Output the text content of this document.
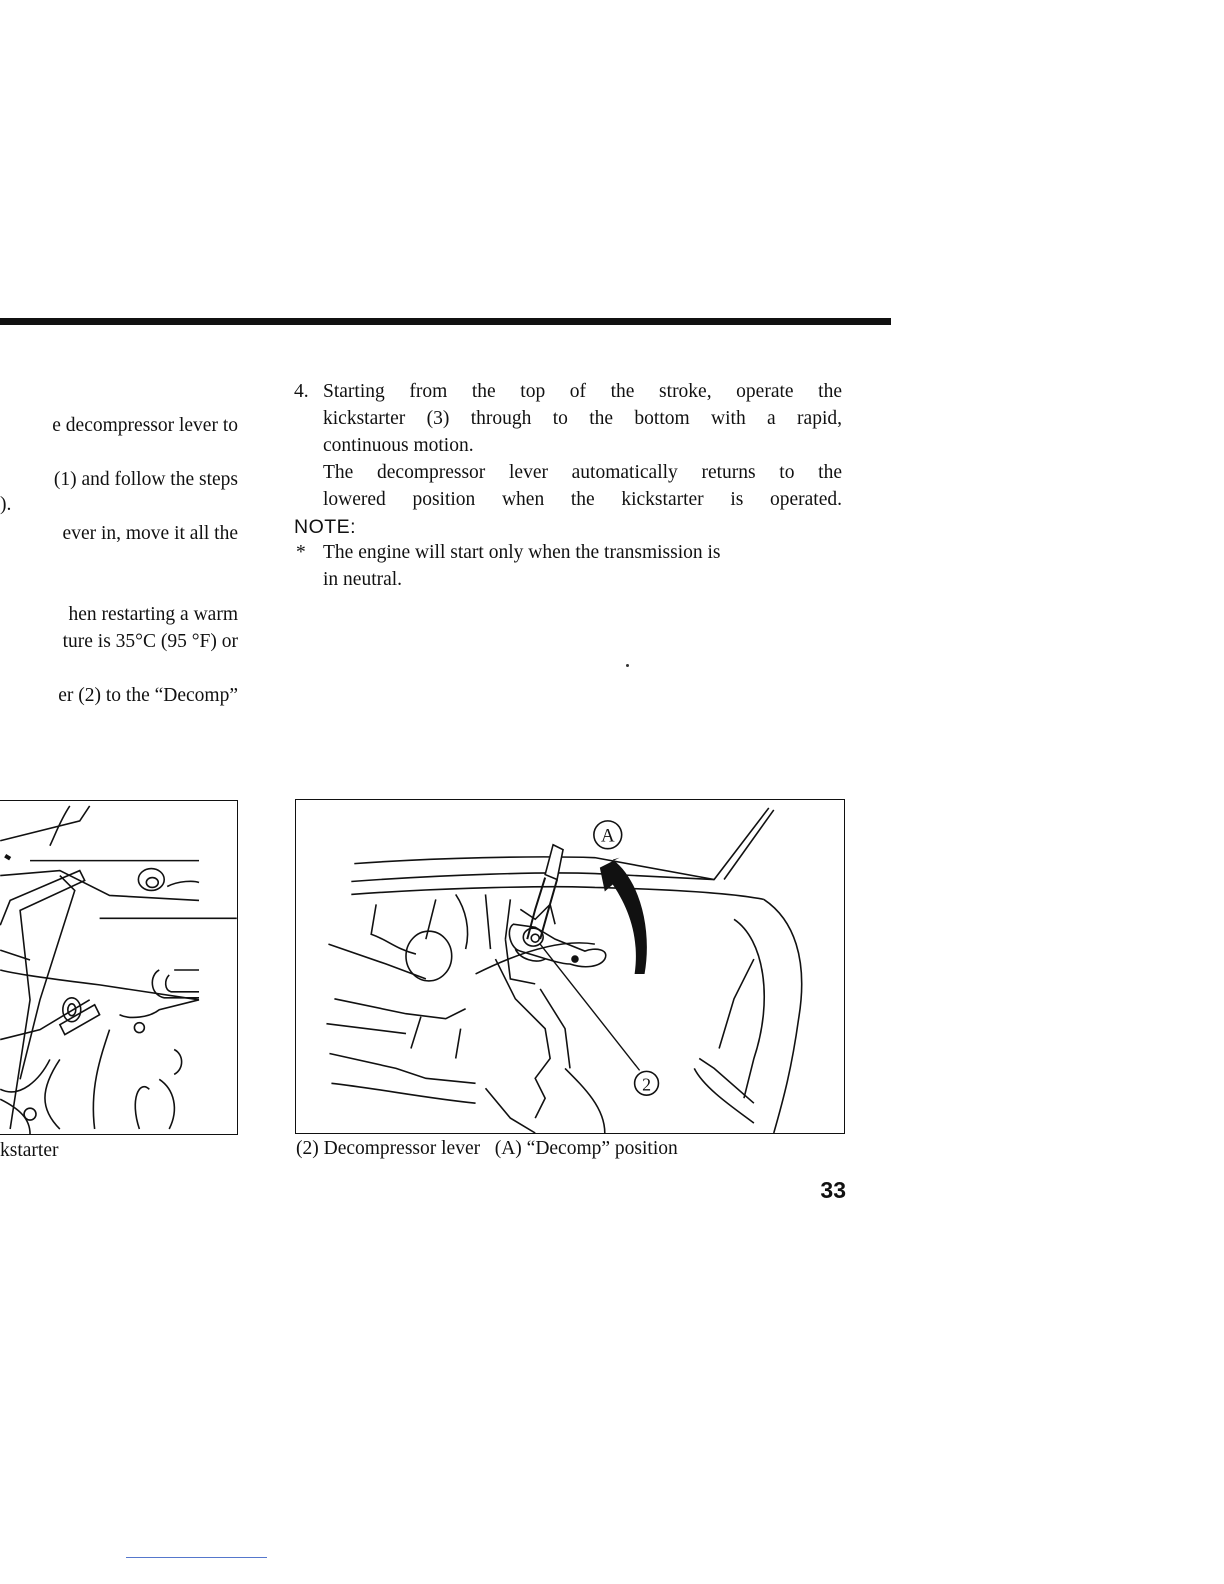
e decompressor lever to
(1) and follow the steps
).
ever in, move it all the
hen restarting a warm
ture is 35°C (95 °F) or
er (2) to the “Decomp”
4. Starting from the top of the stroke, operate the

kickstarter (3) through to the bottom with a rapid,

continuous motion.

The decompressor lever automatically returns to the

lowered position when the kickstarter is operated.

NOTE:
* The engine will start only when the transmission is

in neutral.

A
2
kstarter	(2) Decompressor lever   (A) “Decomp” position
33
